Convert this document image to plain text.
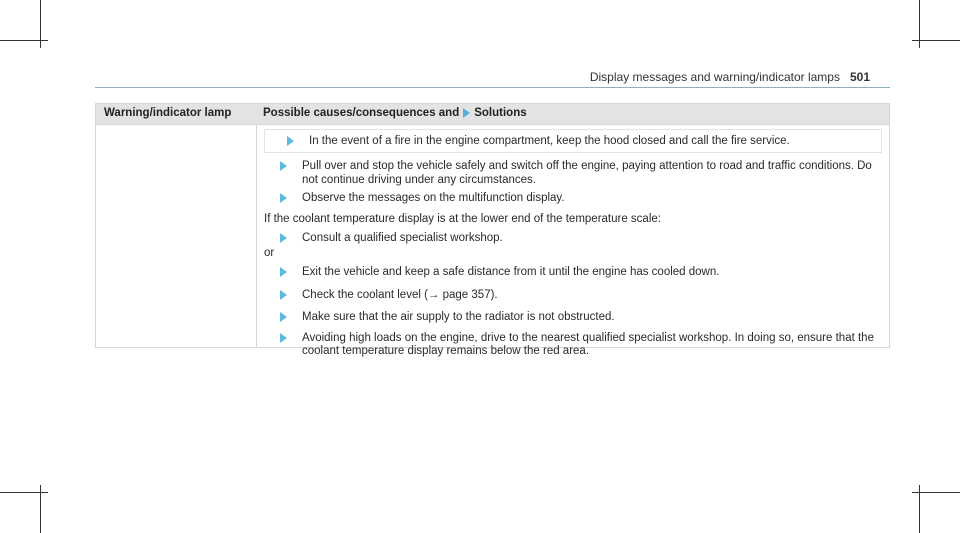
Display messages and warning/indicator lamps 501
Warning/indicator lamp	Possible causes/consequences and Solutions
In the event of a fire in the engine compartment, keep the hood closed and call the fire service.
Pull over and stop the vehicle safely and switch off the engine, paying attention to road and traffic conditions. Do
not continue driving under any circumstances.
Observe the messages on the multifunction display.
If the coolant temperature display is at the lower end of the temperature scale:
Consult a qualified specialist workshop.
or
Exit the vehicle and keep a safe distance from it until the engine has cooled down.
Check the coolant level (→ page 357).
Make sure that the air supply to the radiator is not obstructed.
Avoiding high loads on the engine, drive to the nearest qualified specialist workshop. In doing so, ensure that the
coolant temperature display remains below the red area.
